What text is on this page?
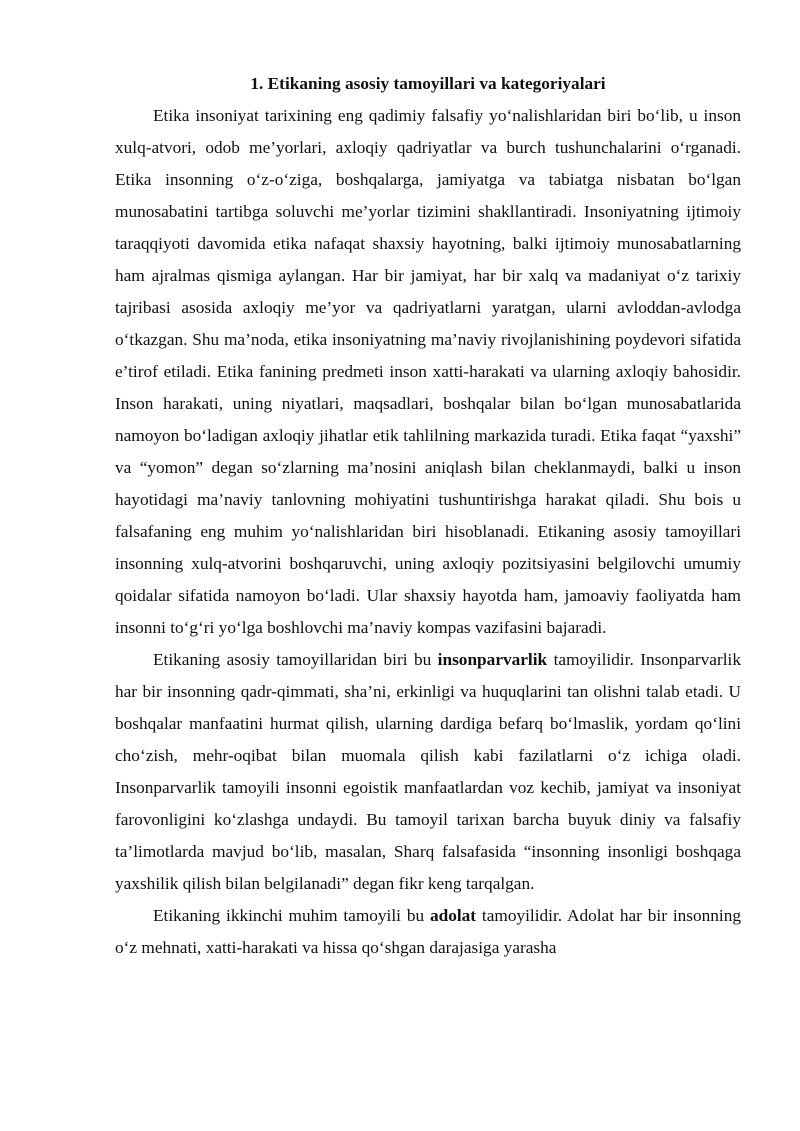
1. Etikaning asosiy tamoyillari va kategoriyalari

Etika insoniyat tarixining eng qadimiy falsafiy yo‘nalishlaridan biri bo‘lib, u inson xulq-atvori, odob me’yorlari, axloqiy qadriyatlar va burch tushunchalarini o‘rganadi. Etika insonning o‘z-o‘ziga, boshqalarga, jamiyatga va tabiatga nisbatan bo‘lgan munosabatini tartibga soluvchi me’yorlar tizimini shakllantiradi. Insoniyatning ijtimoiy taraqqiyoti davomida etika nafaqat shaxsiy hayotning, balki ijtimoiy munosabatlarning ham ajralmas qismiga aylangan. Har bir jamiyat, har bir xalq va madaniyat o‘z tarixiy tajribasi asosida axloqiy me’yor va qadriyatlarni yaratgan, ularni avloddan-avlodga o‘tkazgan. Shu ma’noda, etika insoniyatning ma’naviy rivojlanishining poydevori sifatida e’tirof etiladi. Etika fanining predmeti inson xatti-harakati va ularning axloqiy bahosidir. Inson harakati, uning niyatlari, maqsadlari, boshqalar bilan bo‘lgan munosabatlarida namoyon bo‘ladigan axloqiy jihatlar etik tahlilning markazida turadi. Etika faqat “yaxshi” va “yomon” degan so‘zlarning ma’nosini aniqlash bilan cheklanmaydi, balki u inson hayotidagi ma’naviy tanlovning mohiyatini tushuntirishga harakat qiladi. Shu bois u falsafaning eng muhim yo‘nalishlaridan biri hisoblanadi. Etikaning asosiy tamoyillari insonning xulq-atvorini boshqaruvchi, uning axloqiy pozitsiyasini belgilovchi umumiy qoidalar sifatida namoyon bo‘ladi. Ular shaxsiy hayotda ham, jamoaviy faoliyatda ham insonni to‘g‘ri yo‘lga boshlovchi ma’naviy kompas vazifasini bajaradi.

Etikaning asosiy tamoyillaridan biri bu insonparvarlik tamoyilidir. Insonparvarlik har bir insonning qadr-qimmati, sha’ni, erkinligi va huquqlarini tan olishni talab etadi. U boshqalar manfaatini hurmat qilish, ularning dardiga befarq bo‘lmaslik, yordam qo‘lini cho‘zish, mehr-oqibat bilan muomala qilish kabi fazilatlarni o‘z ichiga oladi. Insonparvarlik tamoyili insonni egoistik manfaatlardan voz kechib, jamiyat va insoniyat farovonligini ko‘zlashga undaydi. Bu tamoyil tarixan barcha buyuk diniy va falsafiy ta’limotlarda mavjud bo‘lib, masalan, Sharq falsafasida “insonning insonligi boshqaga yaxshilik qilish bilan belgilanadi” degan fikr keng tarqalgan.

Etikaning ikkinchi muhim tamoyili bu adolat tamoyilidir. Adolat har bir insonning o‘z mehnati, xatti-harakati va hissa qo‘shgan darajasiga yarasha
